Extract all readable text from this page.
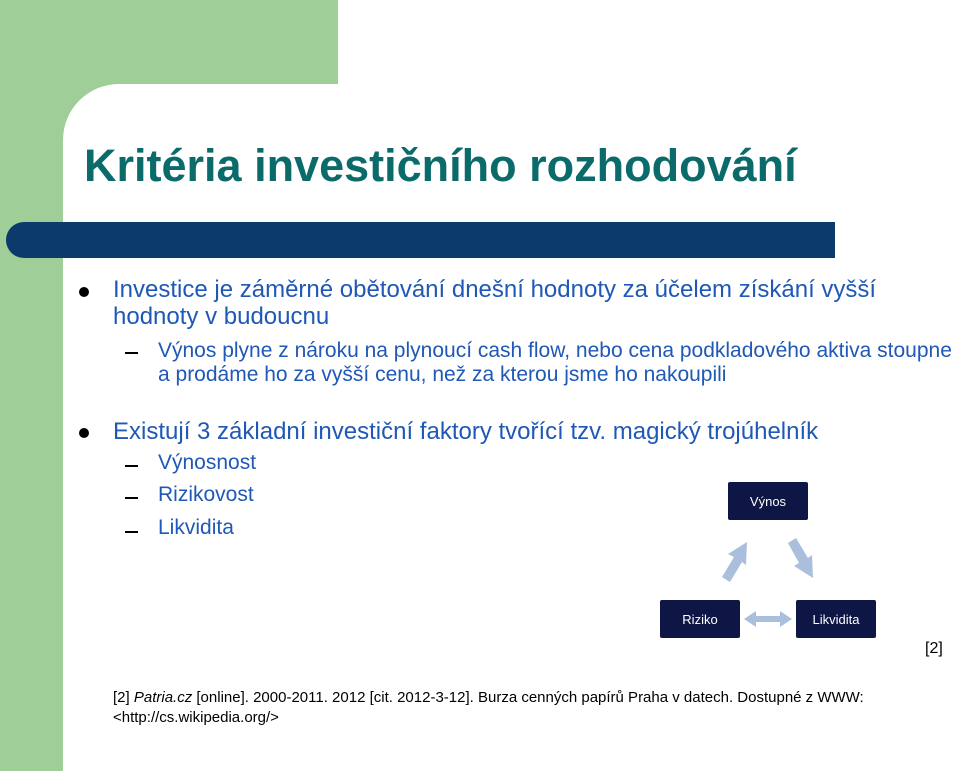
Kritéria investičního rozhodování

Investice je záměrné obětování dnešní hodnoty za účelem získání vyšší hodnoty v budoucnu

Výnos plyne z nároku na plynoucí cash flow, nebo cena podkladového aktiva stoupne a prodáme ho za vyšší cenu, než za kterou jsme ho nakoupili

Existují 3 základní investiční faktory tvořící tzv. magický trojúhelník

Výnosnost

Rizikovost

Likvidita

Výnos
Riziko	Likvidita
[2]

[2] Patria.cz [online]. 2000-2011. 2012 [cit. 2012-3-12]. Burza cenných papírů Praha v datech. Dostupné z WWW: <http://cs.wikipedia.org/>
